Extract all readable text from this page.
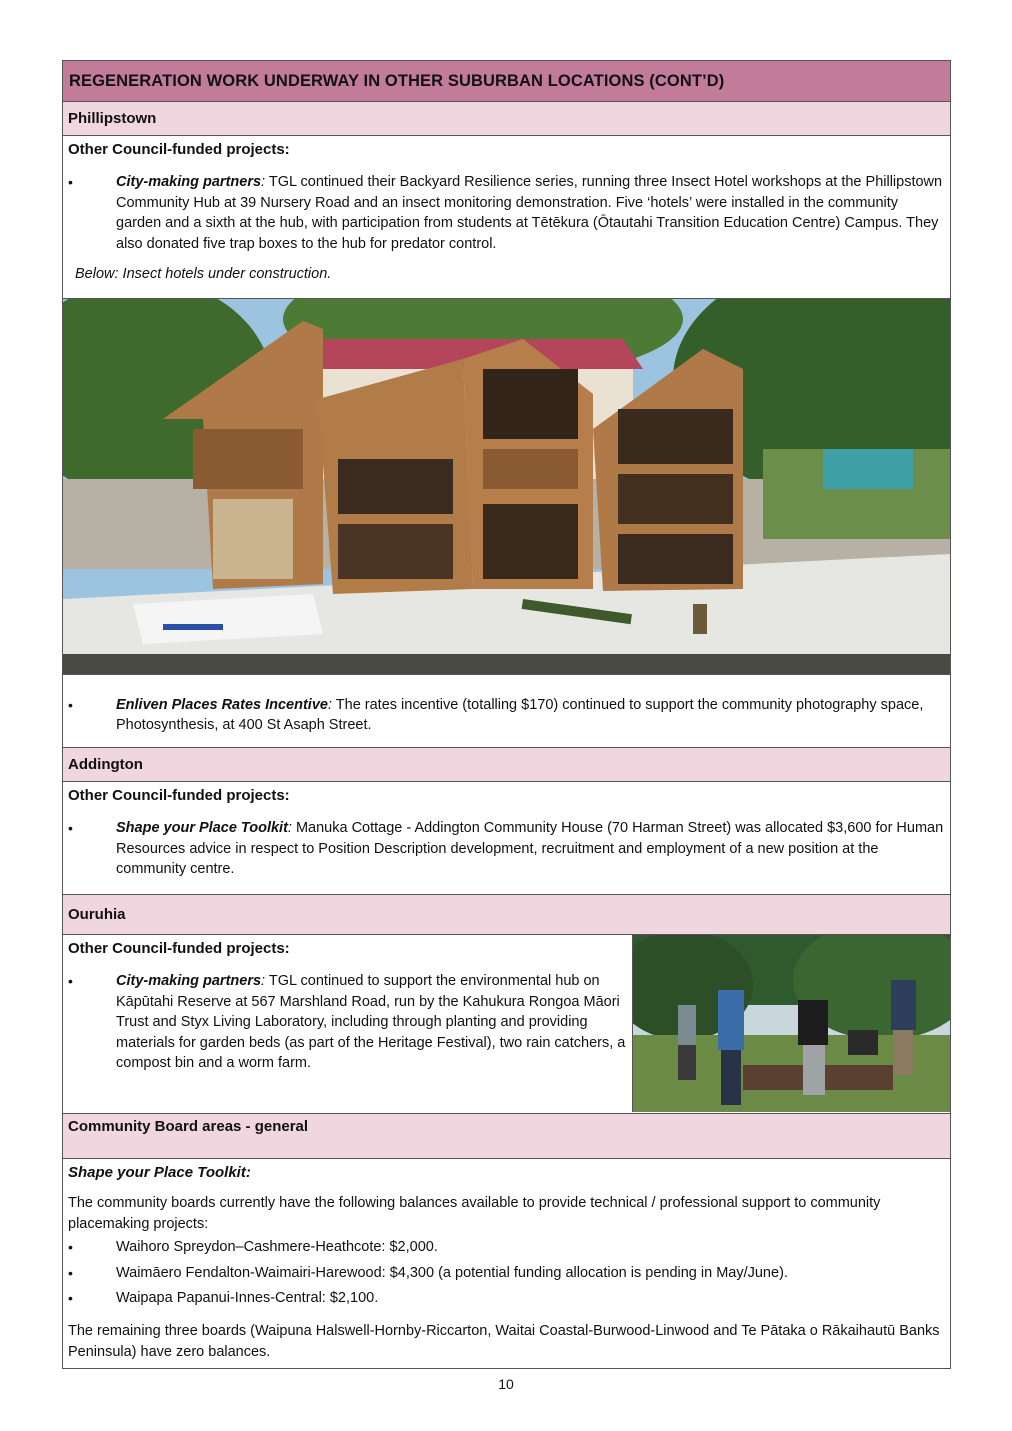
REGENERATION WORK UNDERWAY IN OTHER SUBURBAN LOCATIONS (CONT’D)
Phillipstown
Other Council-funded projects:
•
City-making partners: TGL continued their Backyard Resilience series, running three Insect Hotel workshops at the Phillipstown Community Hub at 39 Nursery Road and an insect monitoring demonstration. Five ‘hotels’ were installed in the community garden and a sixth at the hub, with participation from students at Tētēkura (Ōtautahi Transition Education Centre) Campus. They also donated five trap boxes to the hub for predator control.
Below: Insect hotels under construction.
•
Enliven Places Rates Incentive: The rates incentive (totalling $170) continued to support the community photography space, Photosynthesis, at 400 St Asaph Street.
Addington
Other Council-funded projects:
•
Shape your Place Toolkit: Manuka Cottage - Addington Community House (70 Harman Street) was allocated $3,600 for Human Resources advice in respect to Position Description development, recruitment and employment of a new position at the community centre.
Ouruhia
Other Council-funded projects:
•
City-making partners: TGL continued to support the environmental hub on Kāpūtahi Reserve at 567 Marshland Road, run by the Kahukura Rongoa Māori Trust and Styx Living Laboratory, including through planting and providing materials for garden beds (as part of the Heritage Festival), two rain catchers, a compost bin and a worm farm.
Community Board areas - general
Shape your Place Toolkit:

The community boards currently have the following balances available to provide technical / professional support to community placemaking projects:

•
Waihoro Spreydon–Cashmere-Heathcote: $2,000.
•
Waimāero Fendalton-Waimairi-Harewood: $4,300 (a potential funding allocation is pending in May/June).
•
Waipapa Papanui-Innes-Central: $2,100.

The remaining three boards (Waipuna Halswell-Hornby-Riccarton, Waitai Coastal-Burwood-Linwood and Te Pātaka o Rākaihautū Banks Peninsula) have zero balances.

10
